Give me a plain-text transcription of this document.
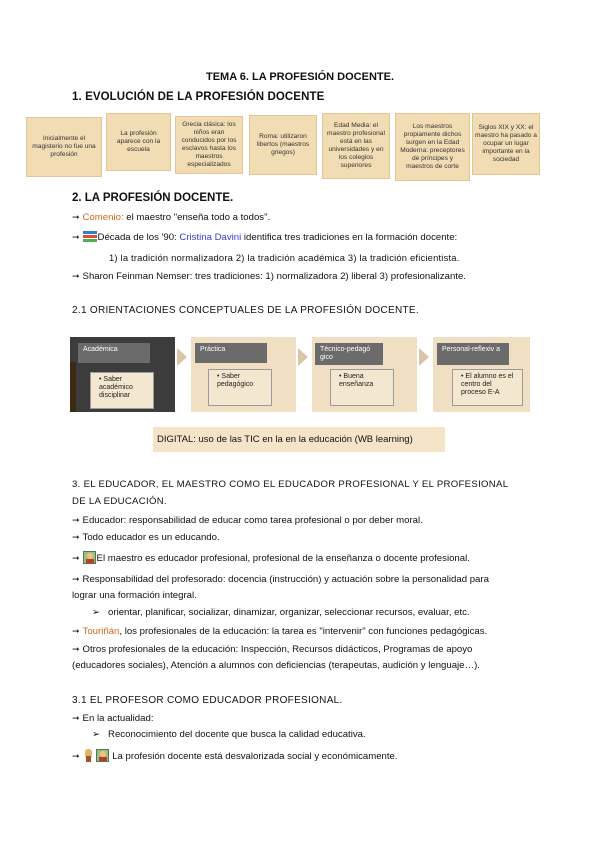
TEMA 6. LA PROFESIÓN DOCENTE.
1. EVOLUCIÓN DE LA PROFESIÓN DOCENTE
Inicialmente el magisterio no fue una profesión
La profesión aparece con la escuela
Grecia clásica: los niños eran conducidos por los esclavos hasta los maestros especializados
Roma: utilizaron libertos (maestros griegos)
Edad Media: el maestro profesional está en las universidades y en los colegios superiores
Los maestros propiamente dichos surgen en la Edad Moderna: preceptores de príncipes y maestros de corte
Siglos XIX y XX: el maestro ha pasado a ocupar un lugar importante en la sociedad
2. LA PROFESIÓN DOCENTE.
➞ Comenio: el maestro "enseña todo a todos".
➞ Década de los '90: Cristina Davini identifica tres tradiciones en la formación docente:
1) la tradición normalizadora 2) la tradición académica 3) la tradición eficientista.
➞ Sharon Feinman Nemser: tres tradiciones: 1) normalizadora 2) liberal 3) profesionalizante.
2.1 ORIENTACIONES CONCEPTUALES DE LA PROFESIÓN DOCENTE.
Académica
• Saber académico disciplinar
Práctica
• Saber pedagógico
Técnico-pedagó gico
• Buena enseñanza
Personal-reflexiv a
• El alumno es el centro del proceso E-A
DIGITAL: uso de las TIC en la en la educación (WB learning)
3. EL EDUCADOR, EL MAESTRO COMO EL EDUCADOR PROFESIONAL Y EL PROFESIONAL
DE LA EDUCACIÓN.
➞ Educador: responsabilidad de educar como tarea profesional o por deber moral.
➞ Todo educador es un educando.
➞ El maestro es educador profesional, profesional de la enseñanza o docente profesional.
➞ Responsabilidad del profesorado: docencia (instrucción) y actuación sobre la personalidad para
lograr una formación integral.
➢ orientar, planificar, socializar, dinamizar, organizar, seleccionar recursos, evaluar, etc.
➞ Touriñán, los profesionales de la educación: la tarea es "intervenir" con funciones pedagógicas.
➞ Otros profesionales de la educación: Inspección, Recursos didácticos, Programas de apoyo
(educadores sociales), Atención a alumnos con deficiencias (terapeutas, audición y lenguaje…).
3.1 EL PROFESOR COMO EDUCADOR PROFESIONAL.
➞ En la actualidad:
➢ Reconocimiento del docente que busca la calidad educativa.
➞	La profesión docente está desvalorizada social y económicamente.
